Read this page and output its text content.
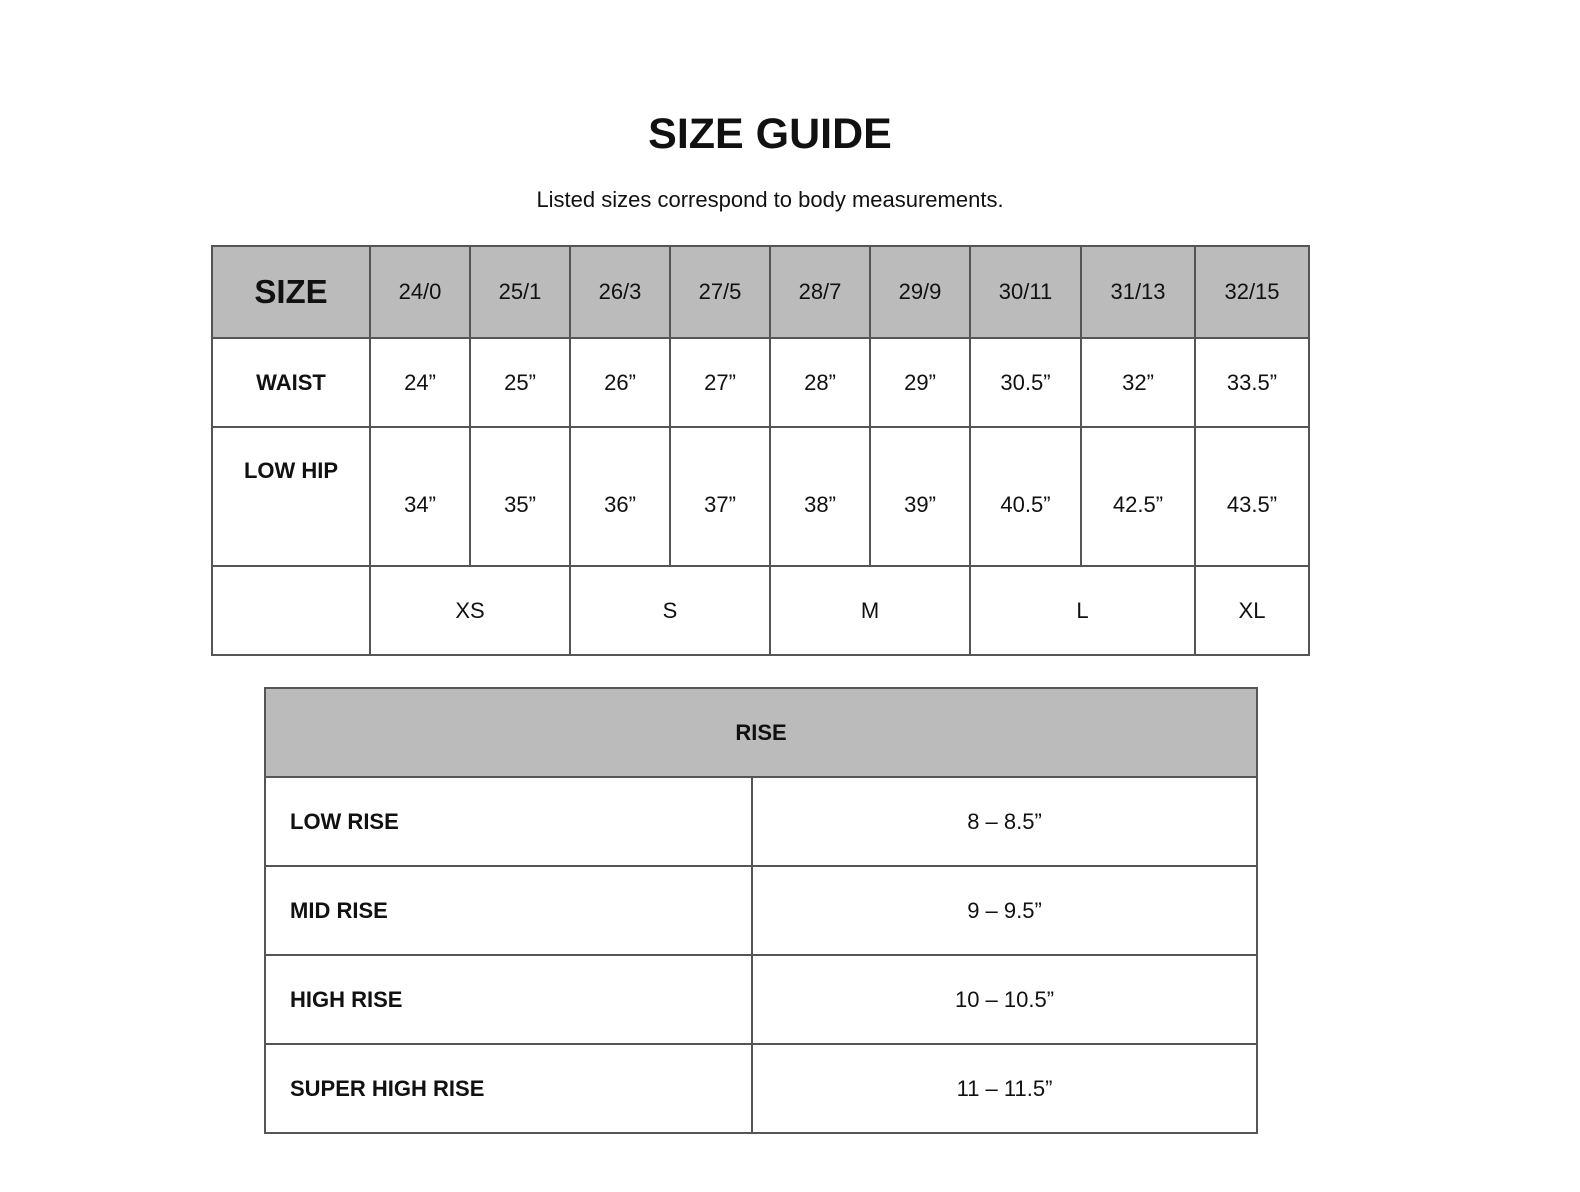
SIZE GUIDE

Listed sizes correspond to body measurements.

SIZE	24/0	25/1	26/3	27/5	28/7	29/9	30/11	31/13	32/15
WAIST	24”	25”	26”	27”	28”	29”	30.5”	32”	33.5”
LOW HIP	34”	35”	36”	37”	38”	39”	40.5”	42.5”	43.5”
	XS		S		M		L		XL
RISE	
LOW RISE	8 – 8.5”
MID RISE	9 – 9.5”
HIGH RISE	10 – 10.5”
SUPER HIGH RISE	11 – 11.5”
